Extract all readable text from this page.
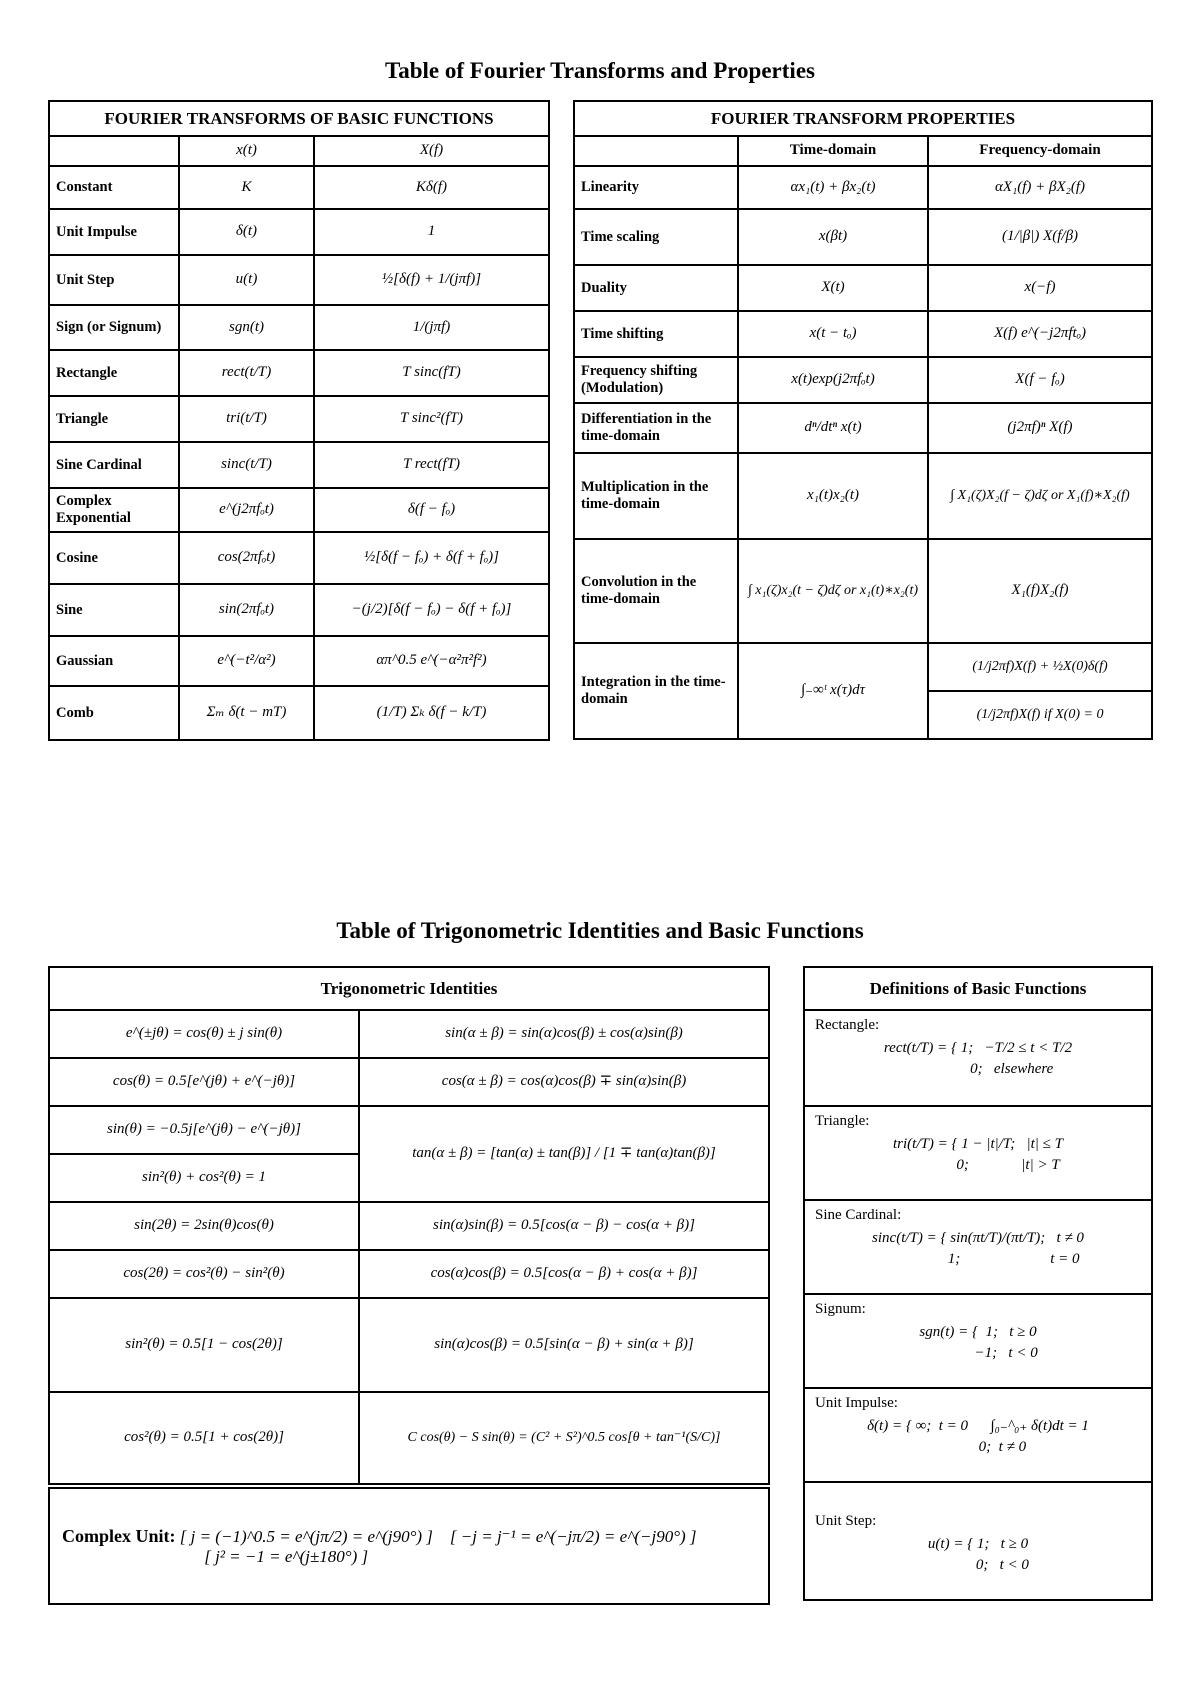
Table of Fourier Transforms and Properties
FOURIER TRANSFORMS OF BASIC FUNCTIONS		
	x(t)	X(f)
Constant	K	Kδ(f)
Unit Impulse	δ(t)	1
Unit Step	u(t)	½[δ(f) + 1/(jπf)]
Sign (or Signum)	sgn(t)	1/(jπf)
Rectangle	rect(t/T)	T sinc(fT)
Triangle	tri(t/T)	T sinc²(fT)
Sine Cardinal	sinc(t/T)	T rect(fT)
Complex Exponential	e^(j2πfₒt)	δ(f − fₒ)
Cosine	cos(2πfₒt)	½[δ(f − fₒ) + δ(f + fₒ)]
Sine	sin(2πfₒt)	−(j/2)[δ(f − fₒ) − δ(f + fₒ)]
Gaussian	e^(−t²/α²)	απ^0.5 e^(−α²π²f²)
Comb	Σₘ δ(t − mT)	(1/T) Σₖ δ(f − k/T)
FOURIER TRANSFORM PROPERTIES		
	Time-domain	Frequency-domain
Linearity	αx₁(t) + βx₂(t)	αX₁(f) + βX₂(f)
Time scaling	x(βt)	(1/|β|) X(f/β)
Duality	X(t)	x(−f)
Time shifting	x(t − tₒ)	X(f) e^(−j2πftₒ)
Frequency shifting (Modulation)	x(t)exp(j2πfₒt)	X(f − fₒ)
Differentiation in the time-domain	dⁿ/dtⁿ x(t)	(j2πf)ⁿ X(f)
Multiplication in the time-domain	x₁(t)x₂(t)	∫ X₁(ζ)X₂(f − ζ)dζ or X₁(f)∗X₂(f)
Convolution in the time-domain	∫ x₁(ζ)x₂(t − ζ)dζ or x₁(t)∗x₂(t)	X₁(f)X₂(f)
Integration in the time-domain	∫₋∞ᵗ x(τ)dτ	(1/j2πf)X(f) + ½X(0)δ(f)
		(1/j2πf)X(f) if X(0) = 0
Table of Trigonometric Identities and Basic Functions
Trigonometric Identities	
e^(±jθ) = cos(θ) ± j sin(θ)	sin(α ± β) = sin(α)cos(β) ± cos(α)sin(β)
cos(θ) = 0.5[e^(jθ) + e^(−jθ)]	cos(α ± β) = cos(α)cos(β) ∓ sin(α)sin(β)
sin(θ) = −0.5j[e^(jθ) − e^(−jθ)]	tan(α ± β) = [tan(α) ± tan(β)] / [1 ∓ tan(α)tan(β)]
sin²(θ) + cos²(θ) = 1	
sin(2θ) = 2sin(θ)cos(θ)	sin(α)sin(β) = 0.5[cos(α − β) − cos(α + β)]
cos(2θ) = cos²(θ) − sin²(θ)	cos(α)cos(β) = 0.5[cos(α − β) + cos(α + β)]
sin²(θ) = 0.5[1 − cos(2θ)]	sin(α)cos(β) = 0.5[sin(α − β) + sin(α + β)]
cos²(θ) = 0.5[1 + cos(2θ)]	C cos(θ) − S sin(θ) = (C² + S²)^0.5 cos[θ + tan⁻¹(S/C)]
Complex Unit: [ j = (−1)^0.5 = e^(jπ/2) = e^(j90°) ] [ −j = j⁻¹ = e^(−jπ/2) = e^(−j90°) ]
[ j² = −1 = e^(j±180°) ]	
Definitions of Basic Functions
Rectangle:
rect(t/T) = { 1;   −T/2 ≤ t < T/2
0;   elsewhere

Triangle:
tri(t/T) = { 1 − |t|/T;   |t| ≤ T
0;              |t| > T

Sine Cardinal:
sinc(t/T) = { sin(πt/T)/(πt/T);   t ≠ 0
1;                        t = 0

Signum:
sgn(t) = {  1;   t ≥ 0
−1;   t < 0

Unit Impulse:
δ(t) = { ∞;  t = 0      ∫₀₋^₀₊ δ(t)dt = 1
0;  t ≠ 0

Unit Step:
u(t) = { 1;   t ≥ 0
0;   t < 0
